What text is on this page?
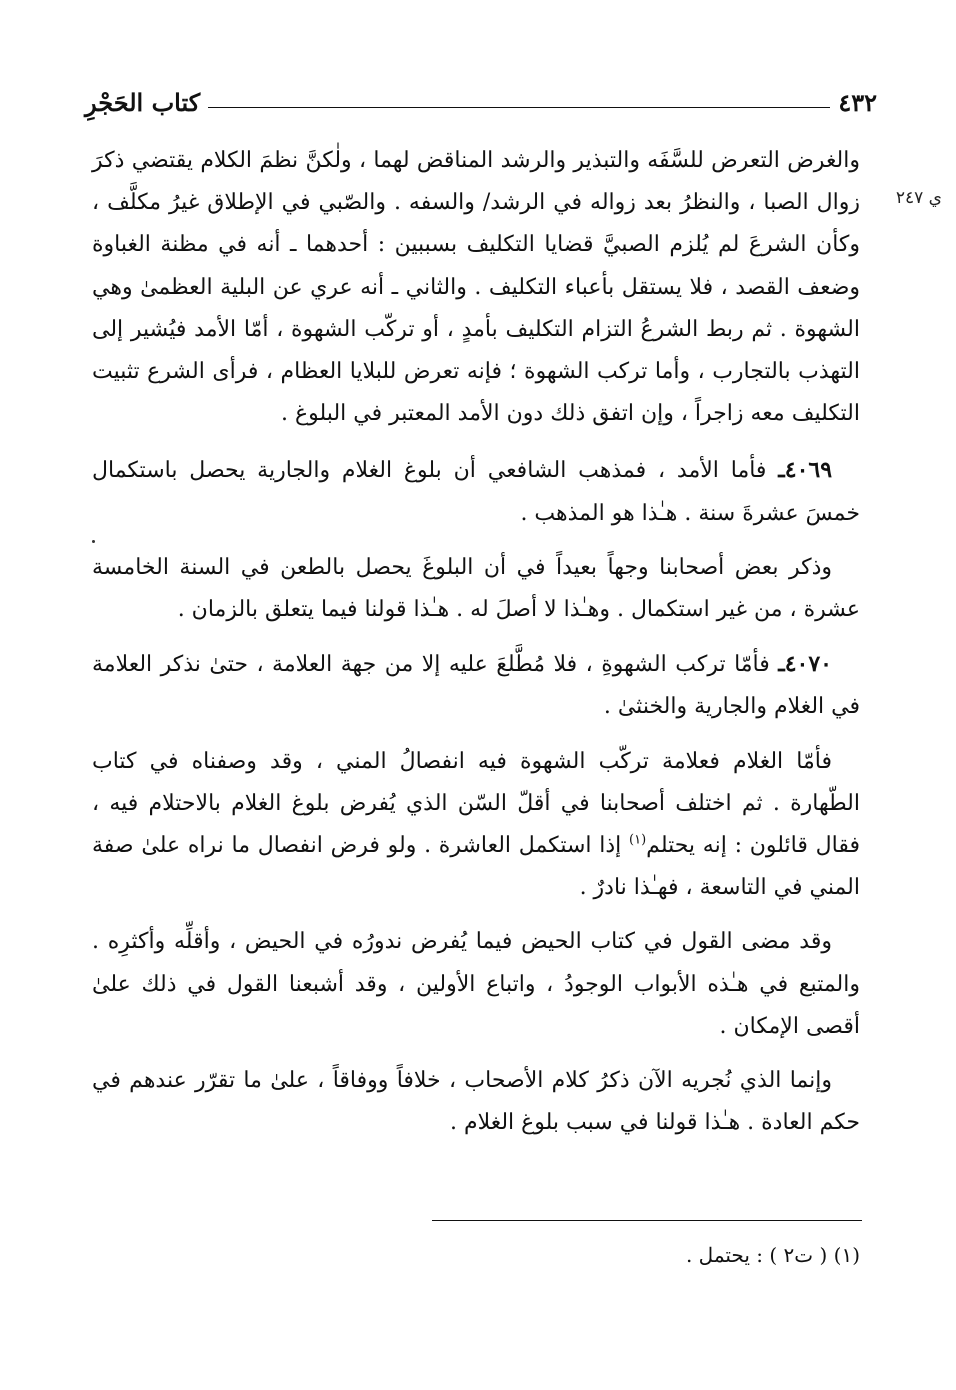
٤٣٢
كتاب الحَجْرِ
ي ٢٤٧

والغرض التعرض للسَّفَه والتبذير والرشد المناقض لهما ، ولٰكنَّ نظمَ الكلام يقتضي ذكرَ زوال الصبا ، والنظرُ بعد زواله في الرشد/ والسفه . والصّبي في الإطلاق غيرُ مكلَّف ، وكأن الشرعَ لم يُلزم الصبيَّ قضايا التكليف بسببين : أحدهما ـ أنه في مظنة الغباوة وضعف القصد ، فلا يستقل بأعباء التكليف . والثاني ـ أنه عري عن البلية العظمىٰ وهي الشهوة . ثم ربط الشرعُ التزام التكليف بأمدٍ ، أو تركّب الشهوة ، أمّا الأمد فيُشير إلى التهذب بالتجارب ، وأما تركب الشهوة ؛ فإنه تعرض للبلايا العظام ، فرأى الشرع تثبيت التكليف معه زاجراً ، وإن اتفق ذلك دون الأمد المعتبر في البلوغ .

٤٠٦٩ـ فأما الأمد ، فمذهب الشافعي أن بلوغ الغلام والجارية يحصل باستكمال خمسَ عشرةَ سنة . هـٰذا هو المذهب .

وذكر بعض أصحابنا وجهاً بعيداً في أن البلوغَ يحصل بالطعن في السنة الخامسة عشرة ، من غير استكمال . وهـٰذا لا أصلَ له . هـٰذا قولنا فيما يتعلق بالزمان .

٤٠٧٠ـ فأمّا تركب الشهوةِ ، فلا مُطَّلعَ عليه إلا من جهة العلامة ، حتىٰ نذكر العلامة في الغلام والجارية والخنثىٰ .

فأمّا الغلام فعلامة تركّب الشهوة فيه انفصالُ المني ، وقد وصفناه في كتاب الطّهارة . ثم اختلف أصحابنا في أقلّ السّن الذي يُفرض بلوغ الغلام بالاحتلام فيه ، فقال قائلون : إنه يحتلم$^{(١)}$ إذا استكمل العاشرة . ولو فرض انفصال ما نراه علىٰ صفة المني في التاسعة ، فهـٰذا نادرٌ .

وقد مضى القول في كتاب الحيض فيما يُفرض ندورُه في الحيض ، وأقلِّه وأكثرِه . والمتبع في هـٰذه الأبواب الوجودُ ، واتباع الأولين ، وقد أشبعنا القول في ذلك علىٰ أقصى الإمكان .

وإنما الذي نُجريه الآن ذكرُ كلام الأصحاب ، خلافاً ووفاقاً ، علىٰ ما تقرّر عندهم في حكم العادة . هـٰذا قولنا في سبب بلوغ الغلام .

(١) ( ت٢ ) : يحتمل .
